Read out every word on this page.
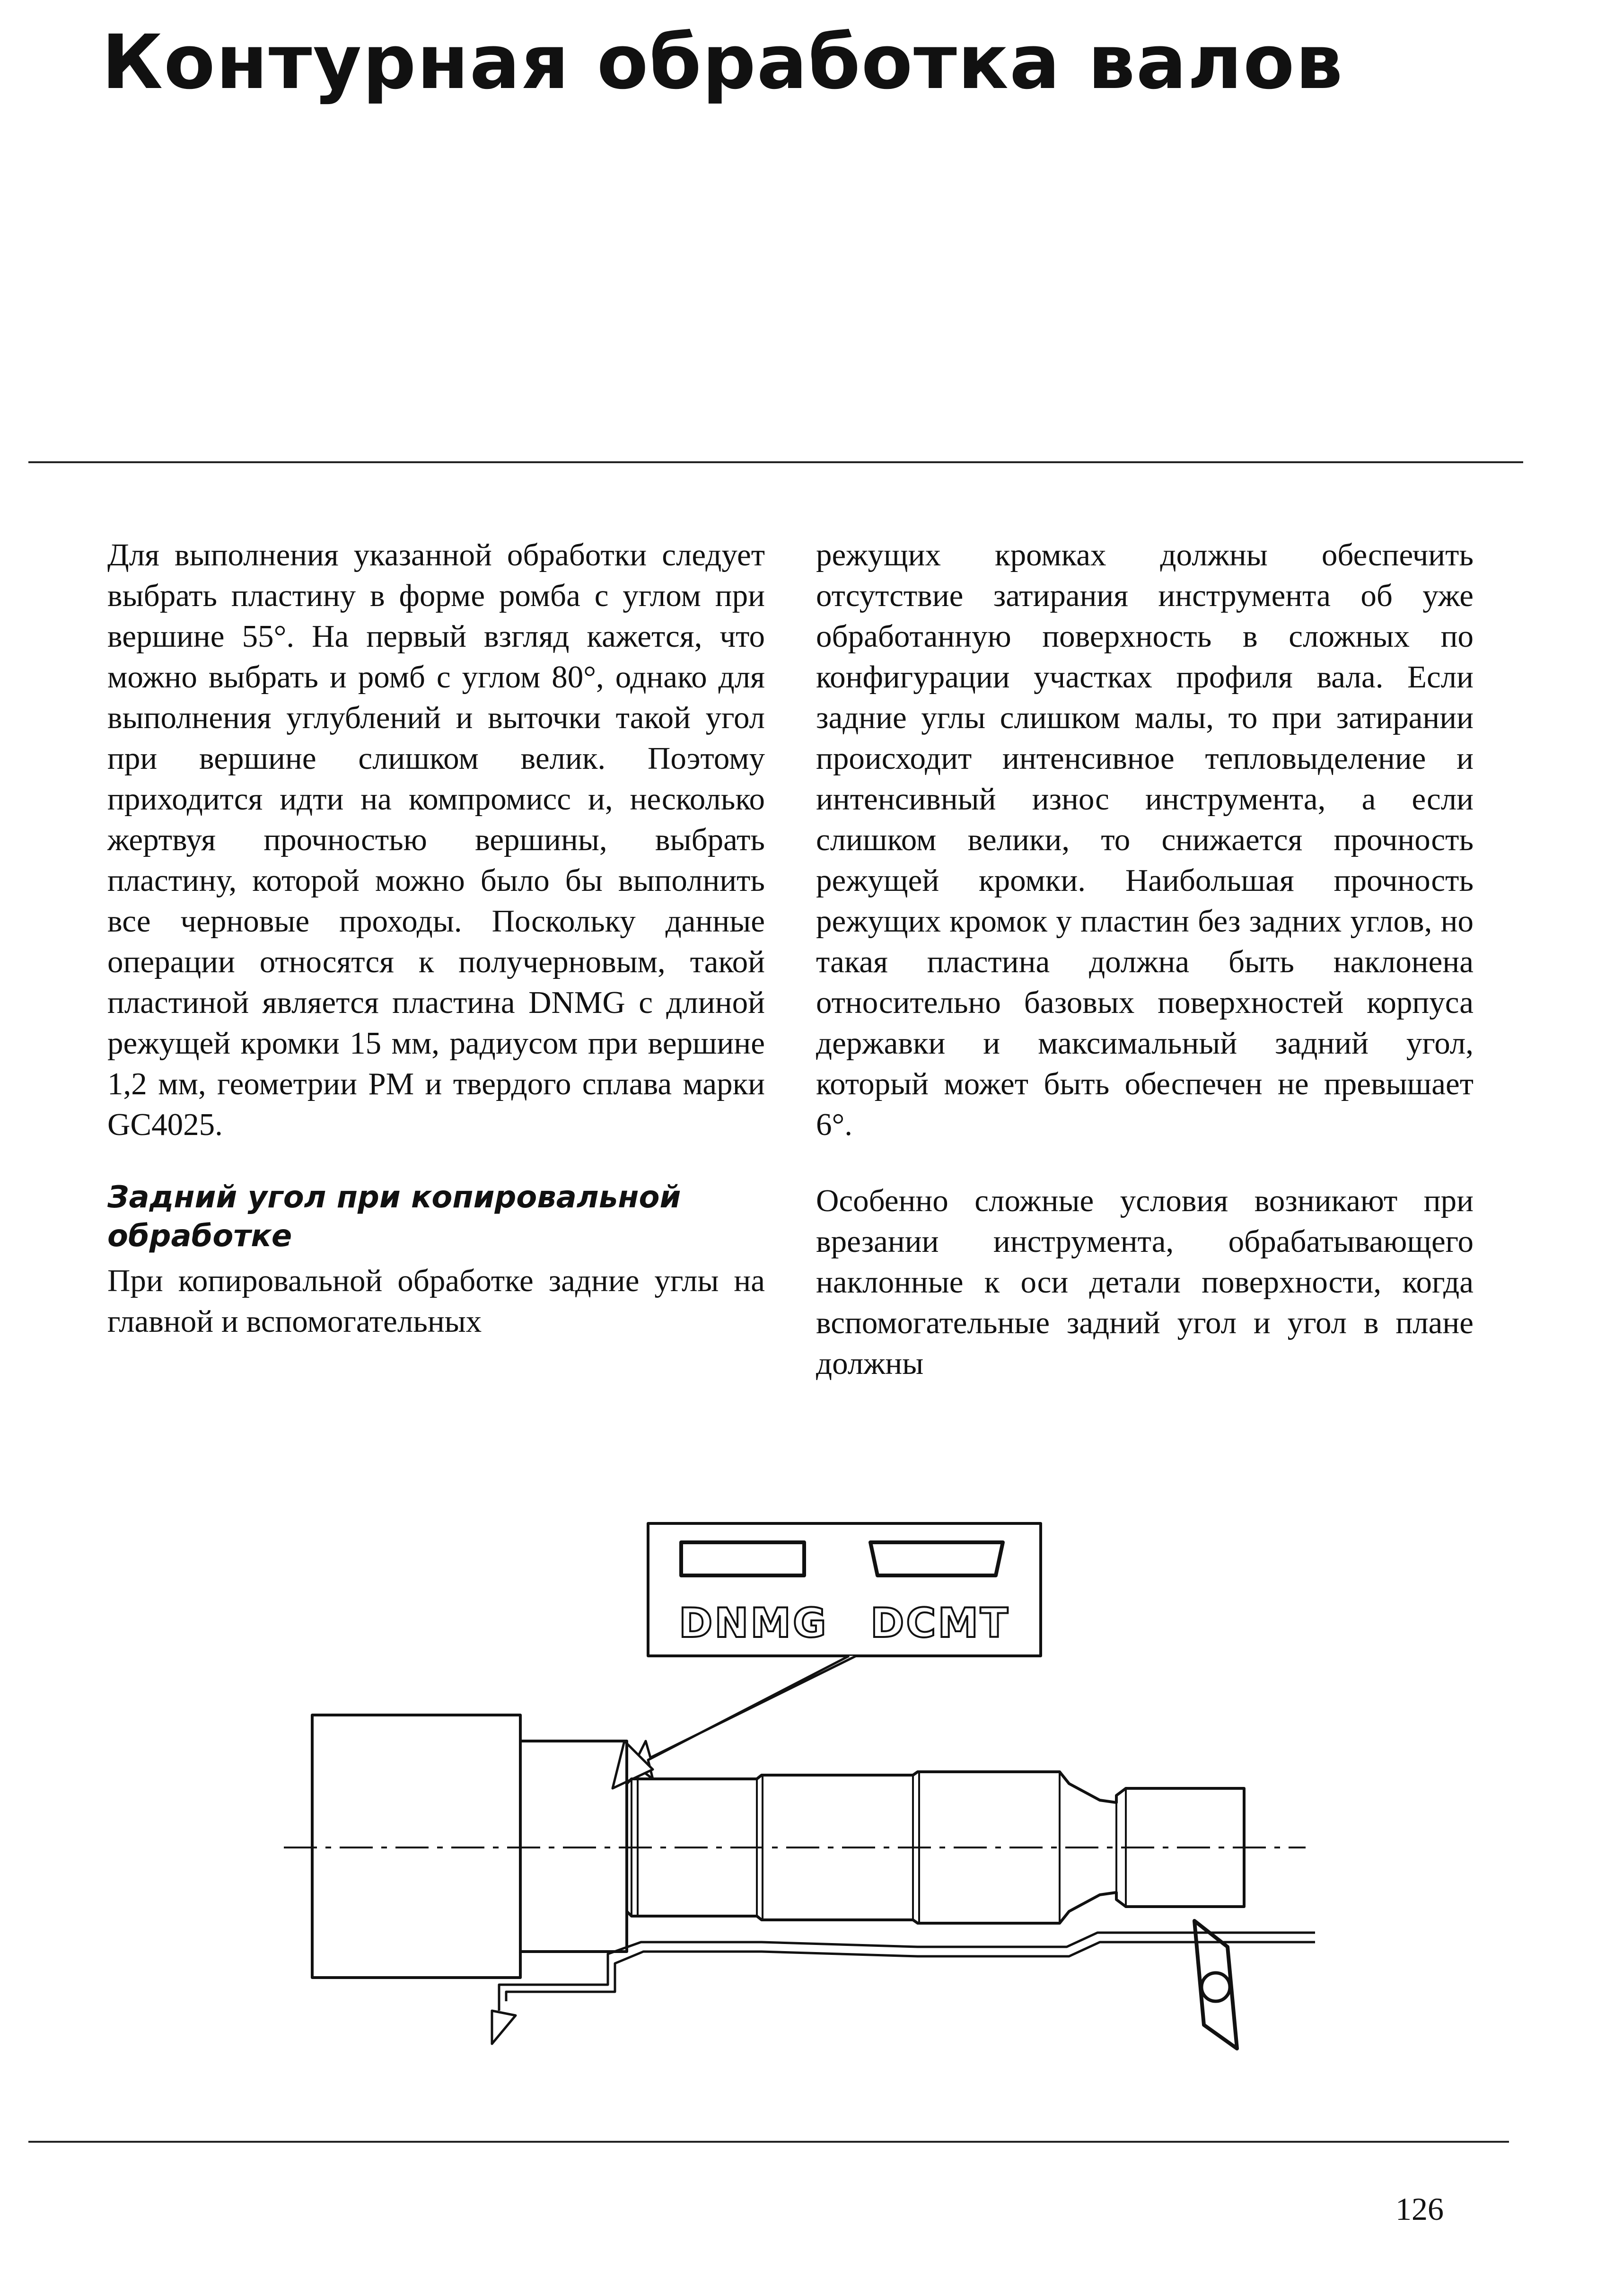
Контурная обработка валов

Для выполнения указанной обработки следует выбрать пластину в форме ромба с углом при вершине 55°. На первый взгляд кажется, что можно выбрать и ромб с углом 80°, однако для выполнения углублений и выточки такой угол при вершине слишком велик. Поэтому приходится идти на компромисс и, несколько жертвуя прочностью вершины, выбрать пластину, которой можно было бы выполнить все черновые проходы. Поскольку данные операции относятся к получерновым, такой пластиной является пластина DNMG с длиной режущей кромки 15 мм, радиусом при вершине 1,2 мм, геометрии PM и твердого сплава марки GC4025.

Задний угол при копировальной обработке

При копировальной обработке задние углы на главной и вспомогательных

режущих кромках должны обеспечить отсутствие затирания инструмента об уже обработанную поверхность в сложных по конфигурации участках профиля вала. Если задние углы слишком малы, то при затирании происходит интенсивное тепловыделение и интенсивный износ инструмента, а если слишком велики, то снижается прочность режущей кромки. Наибольшая прочность режущих кромок у пластин без задних углов, но такая пластина должна быть наклонена относительно базовых поверхностей корпуса державки и максимальный задний угол, который может быть обеспечен не превышает 6°.

Особенно сложные условия возникают при врезании инструмента, обрабатывающего наклонные к оси детали поверхности, когда вспомогательные задний угол и угол в плане должны

DNMG DCMT
126
